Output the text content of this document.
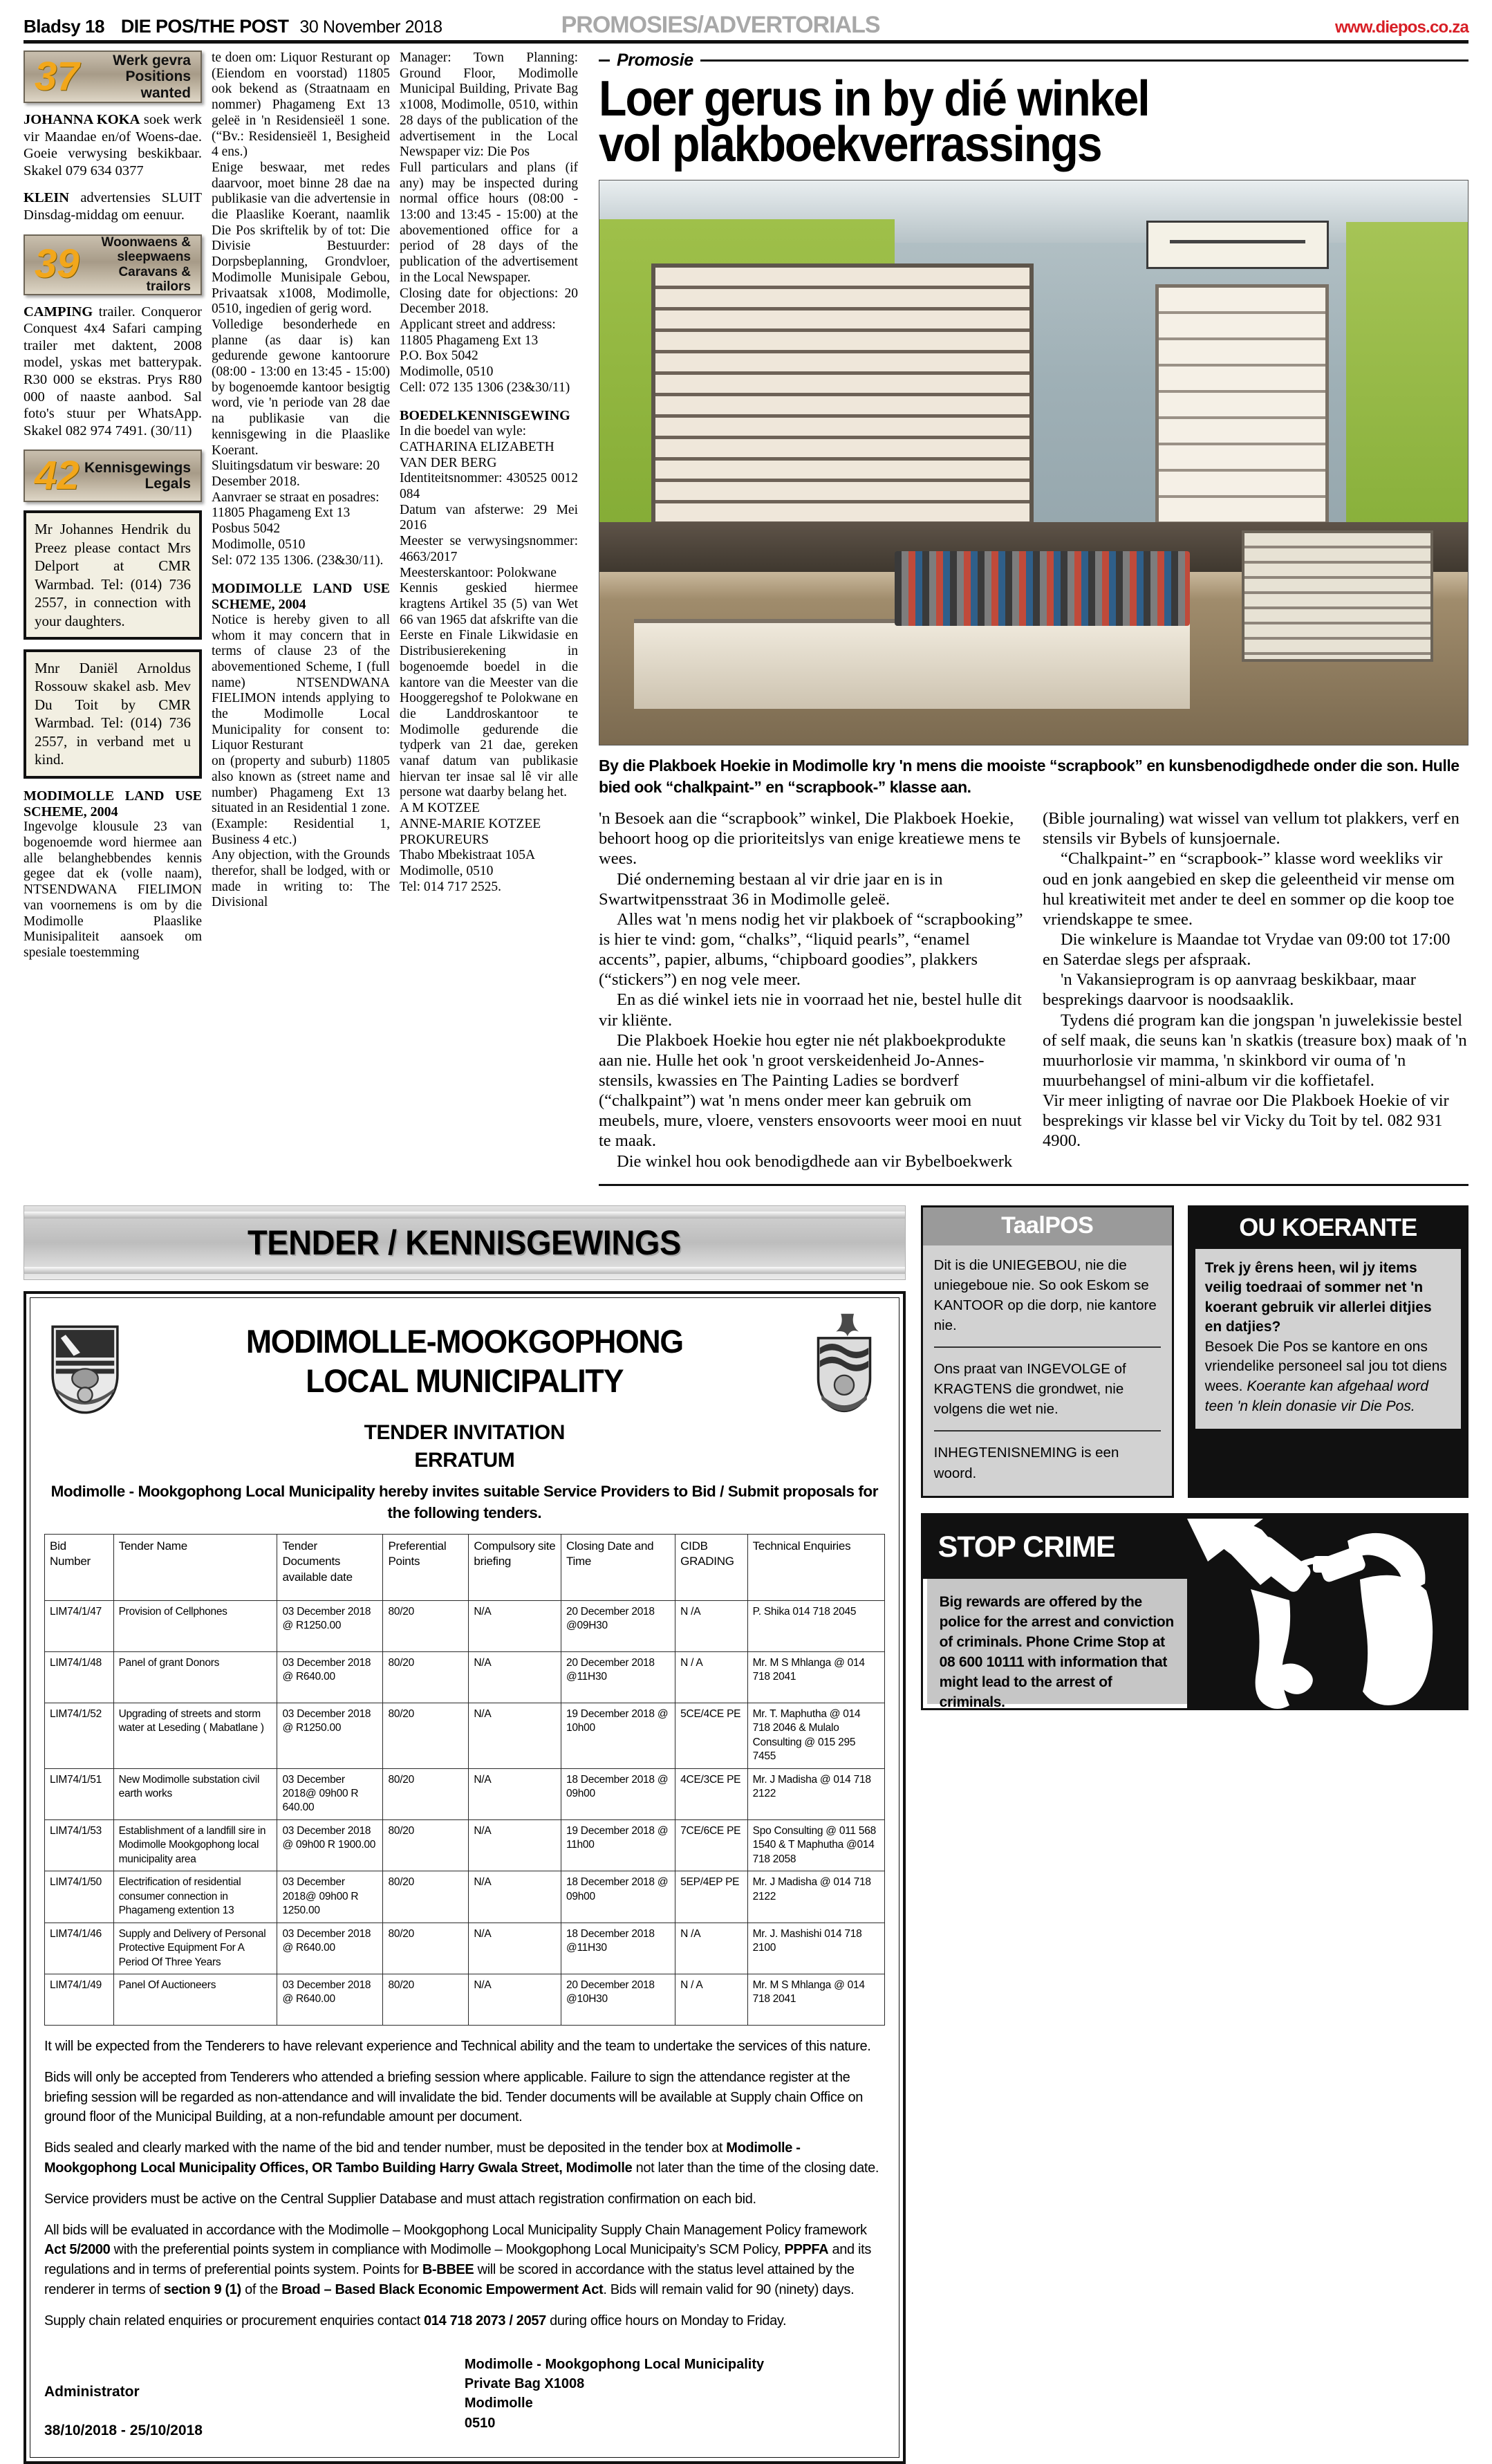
Bladsy 18 DIE POS/THE POST 30 November 2018	PROMOSIES/ADVERTORIALS	www.diepos.co.za
37	Werk gevra
Positions wanted

JOHANNA KOKA soek werk vir Maandae en/of Woens-dae. Goeie verwysing beskikbaar. Skakel 079 634 0377

KLEIN advertensies SLUIT Dinsdag-middag om eenuur.

39	Woonwaens &
sleepwaens
Caravans & trailors

CAMPING trailer. Conqueror Conquest 4x4 Safari camping trailer met daktent, 2008 model, yskas met batterypak. R30 000 se ekstras. Prys R80 000 of naaste aanbod. Sal foto's stuur per WhatsApp. Skakel 082 974 7491. (30/11)

42 Kennisgewings
Legals
Mr Johannes Hendrik du Preez please contact Mrs Delport at CMR Warmbad. Tel: (014) 736 2557, in connection with your daughters.
Mnr Daniël Arnoldus Rossouw skakel asb. Mev Du Toit by CMR Warmbad. Tel: (014) 736 2557, in verband met u kind.

MODIMOLLE LAND USE SCHEME, 2004

Ingevolge klousule 23 van bogenoemde word hiermee aan alle belanghebbendes kennis gegee dat ek (volle naam), NTSENDWANA FIELIMON van voornemens is om by die Modimolle Plaaslike Munisipaliteit aansoek om spesiale toestemming

te doen om: Liquor Resturant op (Eiendom en voorstad) 11805 ook bekend as (Straatnaam en nommer) Phagameng Ext 13 geleë in 'n Residensieël 1 sone. (“Bv.: Residensieël 1, Besigheid 4 ens.)

Enige beswaar, met redes daarvoor, moet binne 28 dae na publikasie van die advertensie in die Plaaslike Koerant, naamlik Die Pos skriftelik by of tot: Die Divisie Bestuurder: Dorpsbeplanning, Grondvloer, Modimolle Munisipale Gebou, Privaatsak x1008, Modimolle, 0510, ingedien of gerig word.

Volledige besonderhede en planne (as daar is) kan gedurende gewone kantoorure (08:00 - 13:00 en 13:45 - 15:00) by bogenoemde kantoor besigtig word, vie 'n periode van 28 dae na publikasie van die kennisgewing in die Plaaslike Koerant.

Sluitingsdatum vir besware: 20 Desember 2018.

Aanvraer se straat en posadres:

11805 Phagameng Ext 13

Posbus 5042

Modimolle, 0510

Sel: 072 135 1306. (23&30/11).

MODIMOLLE LAND USE SCHEME, 2004

Notice is hereby given to all whom it may concern that in terms of clause 23 of the abovementioned Scheme, I (full name) NTSENDWANA FIELIMON intends applying to the Modimolle Local Municipality for consent to: Liquor Resturant

on (property and suburb) 11805 also known as (street name and number) Phagameng Ext 13 situated in an Residential 1 zone. (Example: Residential 1, Business 4 etc.)

Any objection, with the Grounds therefor, shall be lodged, with or made in writing to: The Divisional

Manager: Town Planning: Ground Floor, Modimolle Municipal Building, Private Bag x1008, Modimolle, 0510, within 28 days of the publication of the advertisement in the Local Newspaper viz: Die Pos

Full particulars and plans (if any) may be inspected during normal office hours (08:00 - 13:00 and 13:45 - 15:00) at the abovementioned office for a period of 28 days of the publication of the advertisement in the Local Newspaper.

Closing date for objections: 20 December 2018.

Applicant street and address:

11805 Phagameng Ext 13

P.O. Box 5042

Modimolle, 0510

Cell: 072 135 1306 (23&30/11)

BOEDELKENNISGEWING

In die boedel van wyle:

CATHARINA ELIZABETH VAN DER BERG

Identiteitsnommer: 430525 0012 084

Datum van afsterwe: 29 Mei 2016

Meester se verwysingsnommer: 4663/2017

Meesterskantoor: Polokwane

Kennis geskied hiermee kragtens Artikel 35 (5) van Wet 66 van 1965 dat afskrifte van die Eerste en Finale Likwidasie en Distribusierekening in bogenoemde boedel in die kantore van die Meester van die Hooggeregshof te Polokwane en die Landdroskantoor te Modimolle gedurende die tydperk van 21 dae, gereken vanaf datum van publikasie hiervan ter insae sal lê vir alle persone wat daarby belang het.

A M KOTZEE

ANNE-MARIE KOTZEE PROKUREURS

Thabo Mbekistraat 105A

Modimolle, 0510

Tel: 014 717 2525.

Promosie
Loer gerus in by dié winkel
vol plakboekverrassings
By die Plakboek Hoekie in Modimolle kry 'n mens die mooiste “scrapbook” en kunsbenodigdhede onder die son. Hulle bied ook “chalkpaint-” en “scrapbook-” klasse aan.

'n Besoek aan die “scrapbook” winkel, Die Plakboek Hoekie, behoort hoog op die prioriteitslys van enige kreatiewe mens te wees.

Dié onderneming bestaan al vir drie jaar en is in Swartwitpensstraat 36 in Modimolle geleë.

Alles wat 'n mens nodig het vir plakboek of “scrapbooking” is hier te vind: gom, “chalks”, “liquid pearls”, “enamel accents”, papier, albums, “chipboard goodies”, plakkers (“stickers”) en nog vele meer.

En as dié winkel iets nie in voorraad het nie, bestel hulle dit vir kliënte.

Die Plakboek Hoekie hou egter nie nét plakboekprodukte aan nie. Hulle het ook 'n groot verskeidenheid Jo-Annes-stensils, kwassies en The Painting Ladies se bordverf (“chalkpaint”) wat 'n mens onder meer kan gebruik om meubels, mure, vloere, vensters ensovoorts weer mooi en nuut te maak.

Die winkel hou ook benodigdhede aan vir Bybelboekwerk

(Bible journaling) wat wissel van vellum tot plakkers, verf en stensils vir Bybels of kunsjoernale.

“Chalkpaint-” en “scrapbook-” klasse word weekliks vir oud en jonk aangebied en skep die geleentheid vir mense om hul kreatiwiteit met ander te deel en sommer op die koop toe vriendskappe te smee.

Die winkelure is Maandae tot Vrydae van 09:00 tot 17:00 en Saterdae slegs per afspraak.

'n Vakansieprogram is op aanvraag beskikbaar, maar besprekings daarvoor is noodsaaklik.

Tydens dié program kan die jongspan 'n juwelekissie bestel of self maak, die seuns kan 'n skatkis (treasure box) maak of 'n muurhorlosie vir mamma, 'n skinkbord vir ouma of 'n muurbehangsel of mini-album vir die koffietafel.

Vir meer inligting of navrae oor Die Plakboek Hoekie of vir besprekings vir klasse bel vir Vicky du Toit by tel. 082 931 4900.

TENDER / KENNISGEWINGS
MODIMOLLE-MOOKGOPHONG
LOCAL MUNICIPALITY
TENDER INVITATION
ERRATUM
Modimolle - Mookgophong Local Municipality hereby invites suitable Service Providers to Bid / Submit proposals for the following tenders.
Bid Number	Tender Name	Tender Documents available date	Preferential Points	Compulsory site briefing	Closing Date and Time	CIDB GRADING	Technical Enquiries
LIM74/1/47	Provision of Cellphones	03 December 2018 @ R1250.00	80/20	N/A	20 December 2018 @09H30	N /A	P. Shika 014 718 2045
LIM74/1/48	Panel of grant Donors	03 December 2018 @ R640.00	80/20	N/A	20 December 2018 @11H30	N / A	Mr. M S Mhlanga @ 014 718 2041
LIM74/1/52	Upgrading of streets and storm water at Leseding ( Mabatlane )	03 December 2018 @ R1250.00	80/20	N/A	19 December 2018 @ 10h00	5CE/4CE PE	Mr. T. Maphutha @ 014 718 2046 & Mulalo Consulting @ 015 295 7455
LIM74/1/51	New Modimolle substation civil earth works	03 December 2018@ 09h00 R 640.00	80/20	N/A	18 December 2018 @ 09h00	4CE/3CE PE	Mr. J Madisha @ 014 718 2122
LIM74/1/53	Establishment of a landfill sire in Modimolle Mookgophong local municipality area	03 December 2018 @ 09h00 R 1900.00	80/20	N/A	19 December 2018 @ 11h00	7CE/6CE PE	Spo Consulting @ 011 568 1540 & T Maphutha @014 718 2058
LIM74/1/50	Electrification of residential consumer connection in Phagameng extention 13	03 December 2018@ 09h00 R 1250.00	80/20	N/A	18 December 2018 @ 09h00	5EP/4EP PE	Mr. J Madisha @ 014 718 2122
LIM74/1/46	Supply and Delivery of Personal Protective Equipment For A Period Of Three Years	03 December 2018 @ R640.00	80/20	N/A	18 December 2018 @11H30	N /A	Mr. J. Mashishi 014 718 2100
LIM74/1/49	Panel Of Auctioneers	03 December 2018 @ R640.00	80/20	N/A	20 December 2018 @10H30	N / A	Mr. M S Mhlanga @ 014 718 2041

It will be expected from the Tenderers to have relevant experience and Technical ability and the team to undertake the services of this nature.

Bids will only be accepted from Tenderers who attended a briefing session where applicable. Failure to sign the attendance register at the briefing session will be regarded as non-attendance and will invalidate the bid. Tender documents will be available at Supply chain Office on ground floor of the Municipal Building, at a non-refundable amount per document.

Bids sealed and clearly marked with the name of the bid and tender number, must be deposited in the tender box at Modimolle - Mookgophong Local Municipality Offices, OR Tambo Building Harry Gwala Street, Modimolle not later than the time of the closing date.

Service providers must be active on the Central Supplier Database and must attach registration confirmation on each bid.

All bids will be evaluated in accordance with the Modimolle – Mookgophong Local Municipality Supply Chain Management Policy framework Act 5/2000 with the preferential points system in compliance with Modimolle – Mookgophong Local Municipaity’s SCM Policy, PPPFA and its regulations and in terms of preferential points system. Points for B-BBEE will be scored in accordance with the status level attained by the renderer in terms of section 9 (1) of the Broad – Based Black Economic Empowerment Act. Bids will remain valid for 90 (ninety) days.

Supply chain related enquiries or procurement enquiries contact 014 718 2073 / 2057 during office hours on Monday to Friday.

Administrator
38/10/2018 - 25/10/2018
Modimolle - Mookgophong Local Municipality
Private Bag X1008
Modimolle
0510
TaalPOS

Dit is die UNIEGEBOU, nie die uniegeboue nie. So ook Eskom se KANTOOR op die dorp, nie kantore nie.

Ons praat van INGEVOLGE of KRAGTENS die grondwet, nie volgens die wet nie.

INHEGTENISNEMING is een woord.

OU KOERANTE

Trek jy êrens heen, wil jy items veilig toedraai of sommer net 'n koerant gebruik vir allerlei ditjies en datjies?

Besoek Die Pos se kantore en ons vriendelike personeel sal jou tot diens wees. Koerante kan afgehaal word teen 'n klein donasie vir Die Pos.

STOP CRIME
Big rewards are offered by the police for the arrest and conviction of criminals. Phone Crime Stop at 08 600 10111 with information that might lead to the arrest of criminals.
